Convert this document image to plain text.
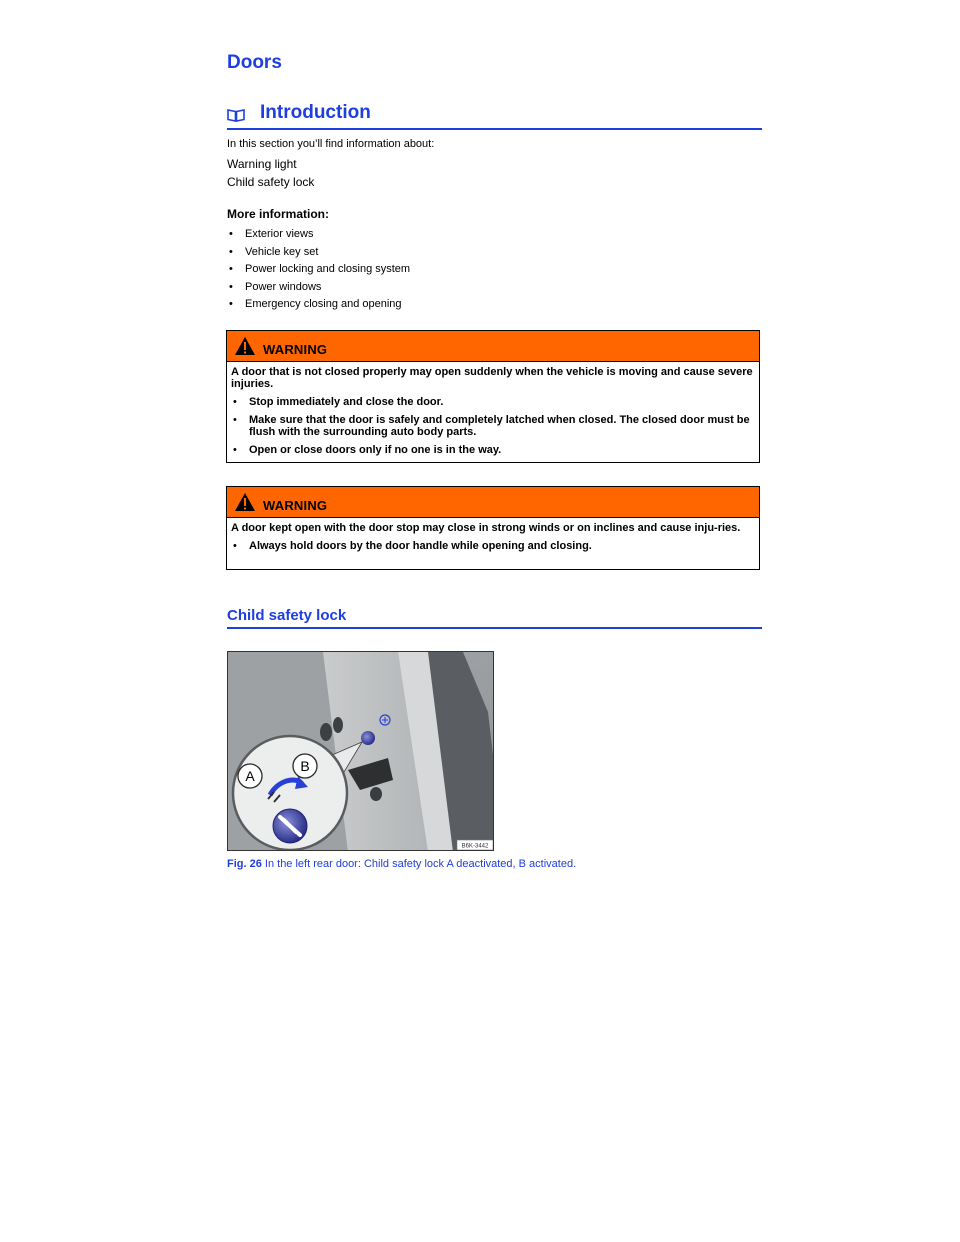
Doors
Introduction
In this section you’ll find information about:
Warning light
Child safety lock
More information:
• Exterior views
• Vehicle key set
• Power locking and closing system
• Power windows
• Emergency closing and opening
WARNING

A door that is not closed properly may open suddenly when the vehicle is moving and cause severe injuries.

• Stop immediately and close the door.

• Make sure that the door is safely and completely latched when closed. The closed door must be flush with the surrounding auto body parts.

• Open or close doors only if no one is in the way.

WARNING

A door kept open with the door stop may close in strong winds or on inclines and cause inju-ries.

• Always hold doors by the door handle while opening and closing.

Child safety lock
A
B
B6K-3442
Fig. 26 In the left rear door: Child safety lock A deactivated, B activated.
